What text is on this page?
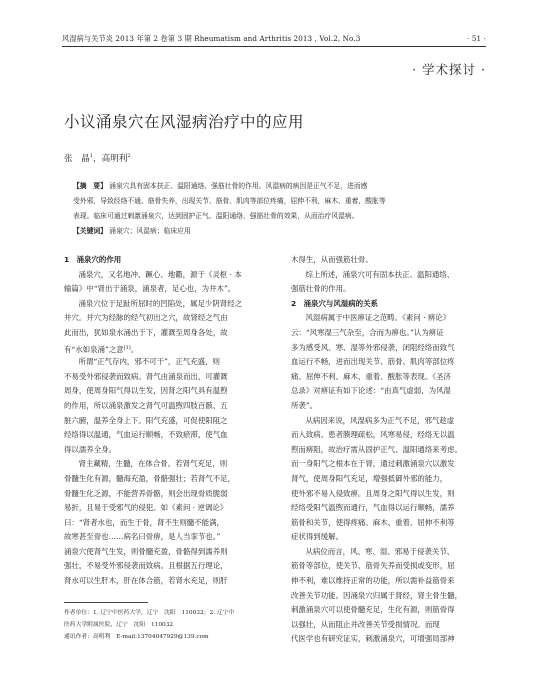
风湿病与关节炎 2013 年第 2 卷第 3 期 Rheumatism and Arthritis 2013 , Vol.2, No.3	· 51 ·
· 学术探讨 ·
小议涌泉穴在风湿病治疗中的应用
张　晶$^1$，高明利$^2$
【摘　要】 涌泉穴具有固本扶正、温阳通络、强筋壮骨的作用。风湿病的病因是正气不足，进而感
受外邪，导致经络不通、筋骨失养，出现关节、筋骨、肌肉等部位疼痛，屈伸不利，麻木、重着，酸胀等
表现。临床可通过刺激涌泉穴，达到固护正气、温阳通络、强筋壮骨的效果，从而治疗风湿病。
【关键词】 涌泉穴；风湿病；临床应用
1　涌泉穴的作用
涌泉穴，又名地冲、蹶心、地衢，源于《灵枢 · 本
输篇》中“肾出于涌泉，涌泉者，足心也，为井木”。
涌泉穴位于足趾所屈时的凹陷处，属足少阴肾经之
井穴。井穴为经脉的经气初出之穴，故肾经之气由
此而出，犹如泉水涌出于下，灌溉至周身各处，故
有“水如泉涌”之意[1]。
所谓“正气存内，邪不可干”，正气充盛，则
不易受外邪侵袭而致病。肾气由涌泉而出，可灌溉
周身，使周身阳气得以生发，因肾之阳气具有温煦
的作用，所以涌泉激发之肾气可温煦四肢百骸、五
脏六腑，温养全身上下。阳气充盛，可促使阳阻之
经络得以温通，气血运行顺畅，不致瘀滞，使气血
得以濡养全身。
肾主藏精，生髓，在体合骨。若肾气充足，则
骨髓生化有源，髓海充盈，骨骼强壮；若肾气不足，
骨髓生化乏源，不能营养骨骼，则会出现骨质脆弱
易折，且易于受邪气的侵犯。如《素问 · 逆调论》
曰：“肾者水也，而生于骨，肾不生则髓不能满，
故寒甚至骨也……病名曰骨痹，是人当挛节也。”
涌泉穴使肾气生发，则骨髓充盈，骨骼得到濡养则
强壮，不易受外邪侵袭而致病。且根据五行理论，
肾水可以生肝木，肝在体合筋，若肾水充足，则肝
木得生，从而强筋壮骨。
综上所述，涌泉穴可有固本扶正、温阳通络、
强筋壮骨的作用。
2　涌泉穴与风湿病的关系
风湿病属于中医痹证之范畴。《素问 · 痹论》
云：“风寒湿三气杂至，合而为痹也。”认为痹证
多为感受风、寒、湿等外邪侵袭，闭阻经络而致气
血运行不畅，进而出现关节、筋骨、肌肉等部位疼
痛、屈伸不利、麻木、重着、酸胀等表现。《圣济
总录》对痹证有如下论述：“由真气虚弱，为风湿
所袭”。
从病因来说，风湿病多为正气不足，邪气趁虚
而入致病。患者腠理疏松，风寒易侵，经络无以温
煦而痹阻，故治疗需从固护正气、温阳通络来考虑。
而一身阳气之根本在于肾，通过刺激涌泉穴以激发
肾气，使周身阳气充足，增强抵御外邪的能力，
使外邪不易入侵致痹。且周身之阳气得以生发，则
经络受阳气温煦而通行，气血得以运行顺畅，濡养
筋骨和关节，使得疼痛、麻木、重着、屈伸不利等
症状得到缓解。
从病位而言，风、寒、湿、邪易于侵袭关节、
筋骨等部位，使关节、筋骨失养而受损或变形，屈
伸不利，难以维持正常的功能，所以需补益筋骨来
改善关节功能。因涌泉穴归属于肾经，肾主骨生髓，
刺激涌泉穴可以使骨髓充足，生化有源，则筋骨得
以强壮，从而阻止并改善关节受损情况。而现
代医学也有研究证实，刺激涌泉穴，可增强局部神
作者单位：1. 辽宁中医药大学，辽宁　沈阳　110032；2. 辽宁中
医药大学附属医院，辽宁　沈阳　110032
通讯作者：高明利　E-mail:13704047929@139.com
